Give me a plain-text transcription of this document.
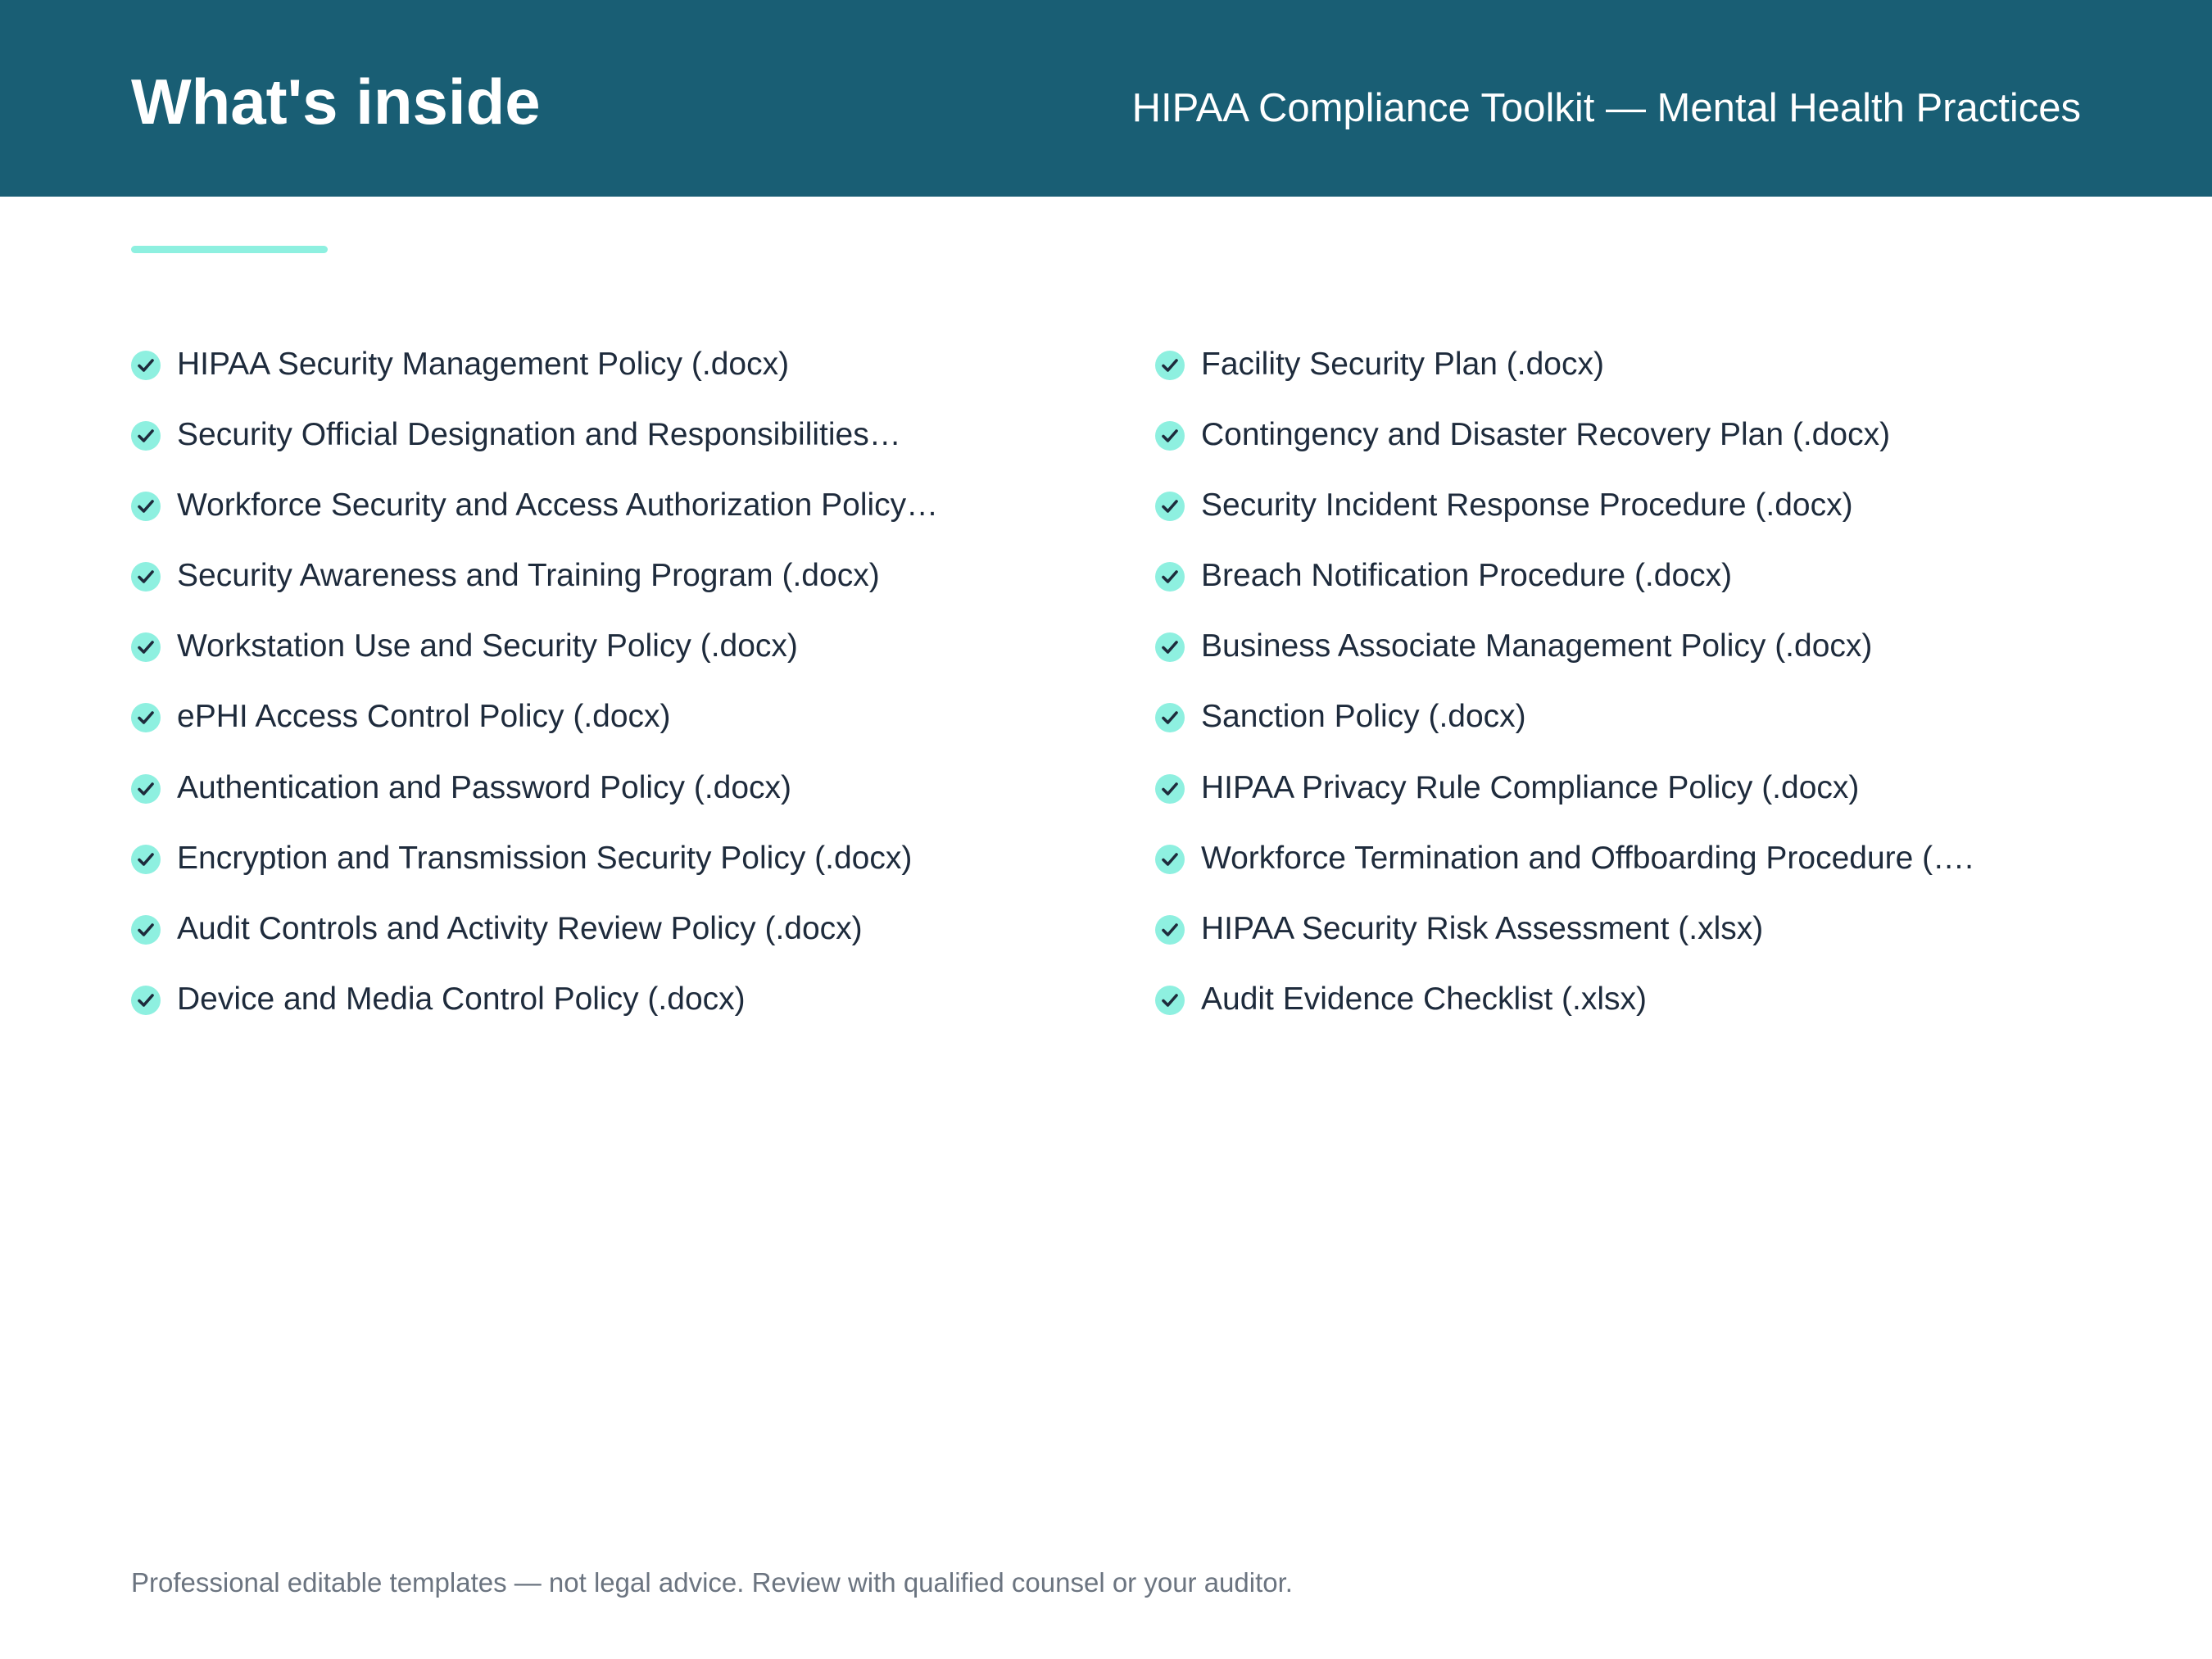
What's inside	HIPAA Compliance Toolkit — Mental Health Practices
HIPAA Security Management Policy (.docx)
Security Official Designation and Responsibilities…
Workforce Security and Access Authorization Policy…
Security Awareness and Training Program (.docx)
Workstation Use and Security Policy (.docx)
ePHI Access Control Policy (.docx)
Authentication and Password Policy (.docx)
Encryption and Transmission Security Policy (.docx)
Audit Controls and Activity Review Policy (.docx)
Device and Media Control Policy (.docx)
Facility Security Plan (.docx)
Contingency and Disaster Recovery Plan (.docx)
Security Incident Response Procedure (.docx)
Breach Notification Procedure (.docx)
Business Associate Management Policy (.docx)
Sanction Policy (.docx)
HIPAA Privacy Rule Compliance Policy (.docx)
Workforce Termination and Offboarding Procedure (….
HIPAA Security Risk Assessment (.xlsx)
Audit Evidence Checklist (.xlsx)
Professional editable templates — not legal advice. Review with qualified counsel or your auditor.
